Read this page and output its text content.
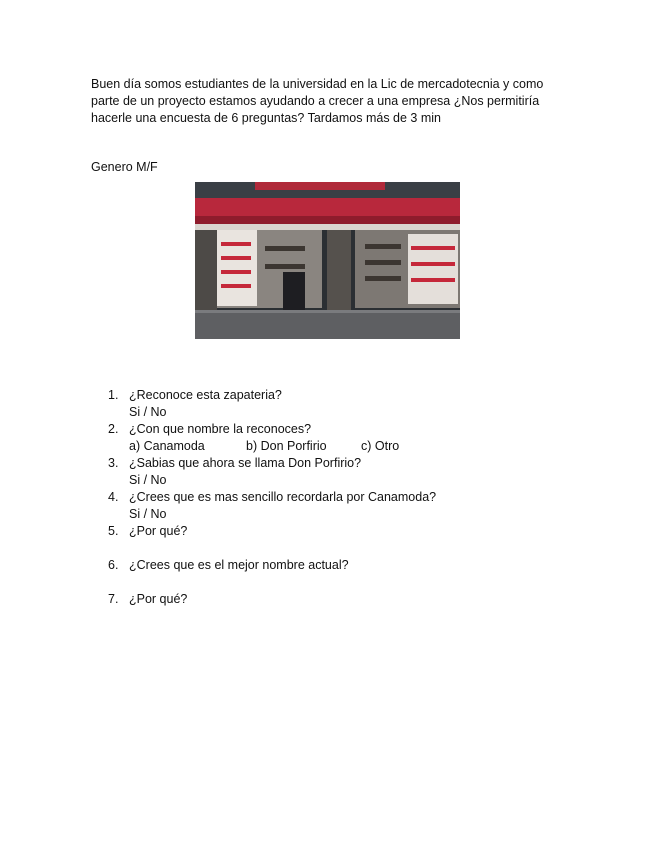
Buen día somos estudiantes de la universidad en la Lic de mercadotecnia y como
parte de un proyecto estamos ayudando a crecer a una empresa ¿Nos permitiría
hacerle una encuesta de 6 preguntas? Tardamos más de 3 min
Genero M/F
1. ¿Reconoce esta zapateria?
Si / No
2. ¿Con que nombre la reconoces?
a) Canamoda	b) Don Porfirio	c) Otro
3. ¿Sabias que ahora se llama Don Porfirio?
Si / No
4. ¿Crees que es mas sencillo recordarla por Canamoda?
Si / No
5. ¿Por qué?
6. ¿Crees que es el mejor nombre actual?
7. ¿Por qué?
